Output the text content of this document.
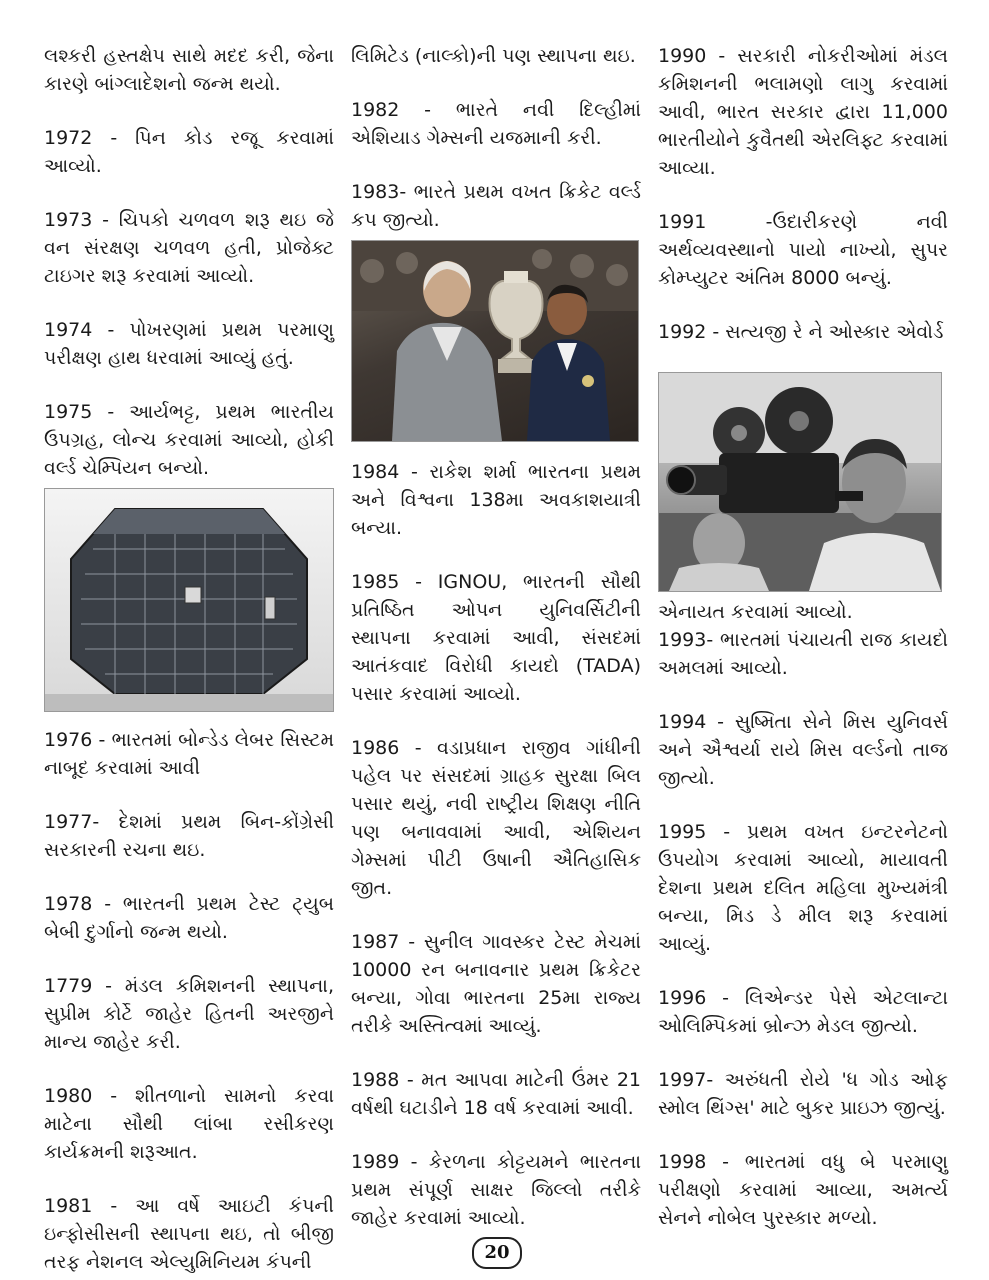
લશ્કરી હસ્તક્ષેપ સાથે મદદ કરી, જેના કારણે બાંગ્લાદેશનો જન્મ થયો.

1972 - પિન કોડ રજૂ કરવામાં આવ્યો.

1973 - ચિપકો ચળવળ શરૂ થઇ જે વન સંરક્ષણ ચળવળ હતી, પ્રોજેક્ટ ટાઇગર શરૂ કરવામાં આવ્યો.

1974 - પોખરણમાં પ્રથમ પરમાણુ પરીક્ષણ હાથ ધરવામાં આવ્યું હતું.

1975 - આર્યભટ્ટ, પ્રથમ ભારતીય ઉપગ્રહ, લોન્ચ કરવામાં આવ્યો, હોકી વર્લ્ડ ચેમ્પિયન બન્યો.

1976 - ભારતમાં બોન્ડેડ લેબર સિસ્ટમ નાબૂદ કરવામાં આવી

1977- દેશમાં પ્રથમ બિન-કોંગ્રેસી સરકારની રચના થઇ.

1978 - ભારતની પ્રથમ ટેસ્ટ ટ્યુબ બેબી દુર્ગાનો જન્મ થયો.

1779 - મંડલ કમિશનની સ્થાપના, સુપ્રીમ કોર્ટે જાહેર હિતની અરજીને માન્ય જાહેર કરી.

1980 - શીતળાનો સામનો કરવા માટેના સૌથી લાંબા રસીકરણ કાર્યક્રમની શરૂઆત.

1981 - આ વર્ષે આઇટી કંપની ઇન્ફોસીસની સ્થાપના થઇ, તો બીજી તરફ નેશનલ એલ્યુમિનિયમ કંપની

લિમિટેડ (નાલ્કો)ની પણ સ્થાપના થઇ.

1982 - ભારતે નવી દિલ્હીમાં એશિયાડ ગેમ્સની યજમાની કરી.

1983- ભારતે પ્રથમ વખત ક્રિકેટ વર્લ્ડ કપ જીત્યો.

1984 - રાકેશ શર્મા ભારતના પ્રથમ અને વિશ્વના 138મા અવકાશયાત્રી બન્યા.

1985 - IGNOU, ભારતની સૌથી પ્રતિષ્ઠિત ઓપન યુનિવર્સિટીની સ્થાપના કરવામાં આવી, સંસદમાં આતંકવાદ વિરોધી કાયદો (TADA) પસાર કરવામાં આવ્યો.

1986 - વડાપ્રધાન રાજીવ ગાંધીની પહેલ પર સંસદમાં ગ્રાહક સુરક્ષા બિલ પસાર થયું, નવી રાષ્ટ્રીય શિક્ષણ નીતિ પણ બનાવવામાં આવી, એશિયન ગેમ્સમાં પીટી ઉષાની ઐતિહાસિક જીત.

1987 - સુનીલ ગાવસ્કર ટેસ્ટ મેચમાં 10000 રન બનાવનાર પ્રથમ ક્રિકેટર બન્યા, ગોવા ભારતના 25મા રાજ્ય તરીકે અસ્તિત્વમાં આવ્યું.

1988 - મત આપવા માટેની ઉંમર 21 વર્ષથી ઘટાડીને 18 વર્ષ કરવામાં આવી.

1989 - કેરળના કોટ્ટયમને ભારતના પ્રથમ સંપૂર્ણ સાક્ષર જિલ્લો તરીકે જાહેર કરવામાં આવ્યો.

1990 - સરકારી નોકરીઓમાં મંડલ કમિશનની ભલામણો લાગુ કરવામાં આવી, ભારત સરકાર દ્વારા 11,000 ભારતીયોને કુવૈતથી એરલિફ્ટ કરવામાં આવ્યા.

1991 -ઉદારીકરણે નવી અર્થવ્યવસ્થાનો પાયો નાખ્યો, સુપર કોમ્પ્યુટર અંતિમ 8000 બન્યું.

1992 - સત્યજી રે ને ઓસ્કાર એવોર્ડ

એનાયત કરવામાં આવ્યો.

1993- ભારતમાં પંચાયતી રાજ કાયદો અમલમાં આવ્યો.

1994 - સુષ્મિતા સેને મિસ યુનિવર્સ અને ઐશ્વર્યા રાયે મિસ વર્લ્ડનો તાજ જીત્યો.

1995 - પ્રથમ વખત ઇન્ટરનેટનો ઉપયોગ કરવામાં આવ્યો, માયાવતી દેશના પ્રથમ દલિત મહિલા મુખ્યમંત્રી બન્યા, મિડ ડે મીલ શરૂ કરવામાં આવ્યું.

1996 - લિએન્ડર પેસે એટલાન્ટા ઓલિમ્પિકમાં બ્રોન્ઝ મેડલ જીત્યો.

1997- અરુંધતી રોયે 'ધ ગોડ ઓફ સ્મોલ થિંગ્સ' માટે બુકર પ્રાઇઝ જીત્યું.

1998 - ભારતમાં વધુ બે પરમાણુ પરીક્ષણો કરવામાં આવ્યા, અમર્ત્ય સેનને નોબેલ પુરસ્કાર મળ્યો.

20
